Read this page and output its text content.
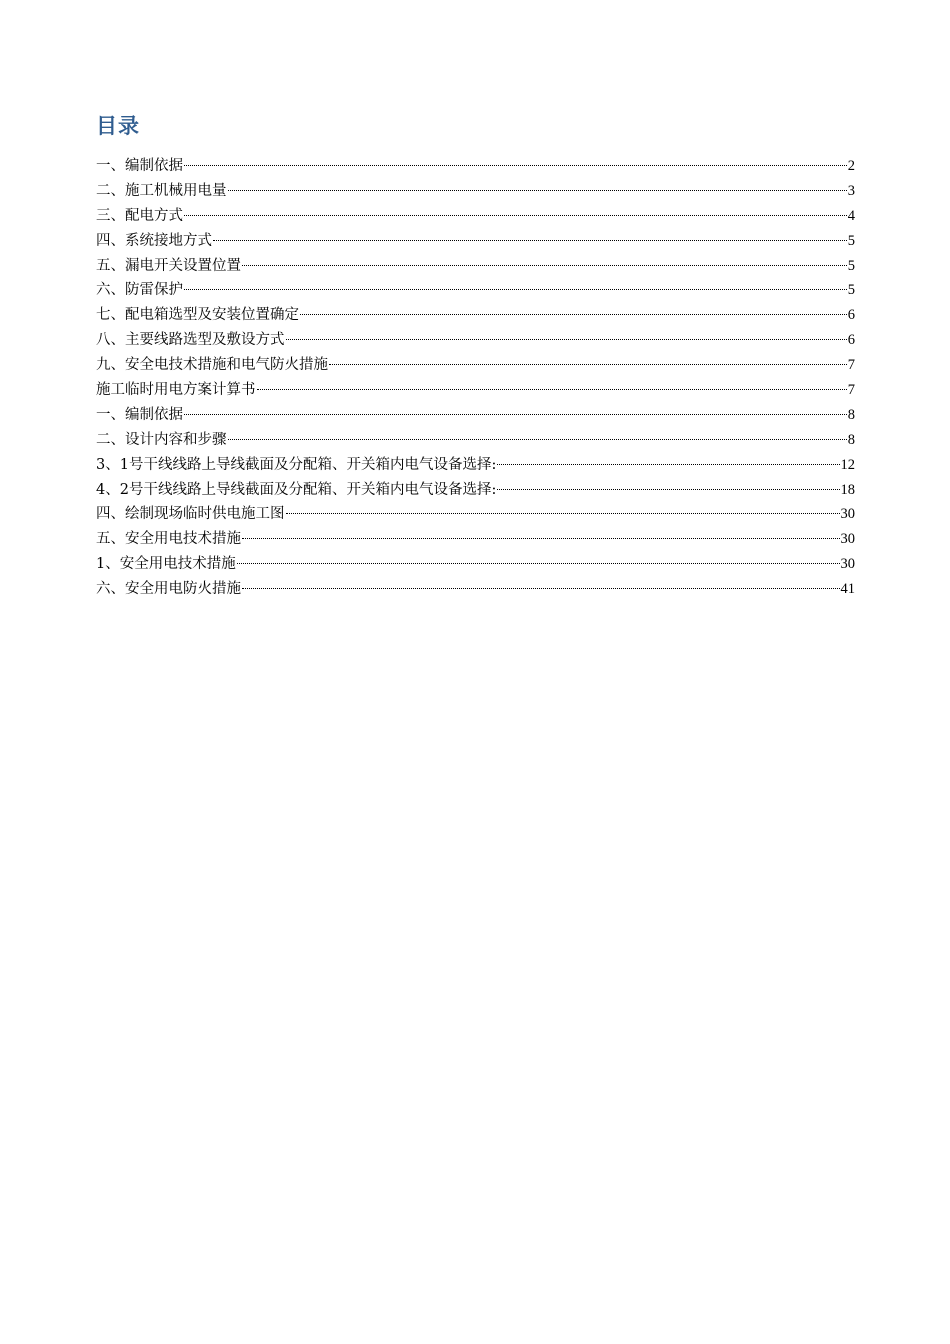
目录
一、编制依据	2
二、施工机械用电量	3
三、配电方式	4
四、系统接地方式	5
五、漏电开关设置位置	5
六、防雷保护	5
七、配电箱选型及安装位置确定	6
八、主要线路选型及敷设方式	6
九、安全电技术措施和电气防火措施	7
施工临时用电方案计算书	7
一、编制依据	8
二、设计内容和步骤	8
3、1号干线线路上导线截面及分配箱、开关箱内电气设备选择:	12
4、2号干线线路上导线截面及分配箱、开关箱内电气设备选择:	18
四、绘制现场临时供电施工图	30
五、安全用电技术措施	30
1、安全用电技术措施	30
六、安全用电防火措施	41
